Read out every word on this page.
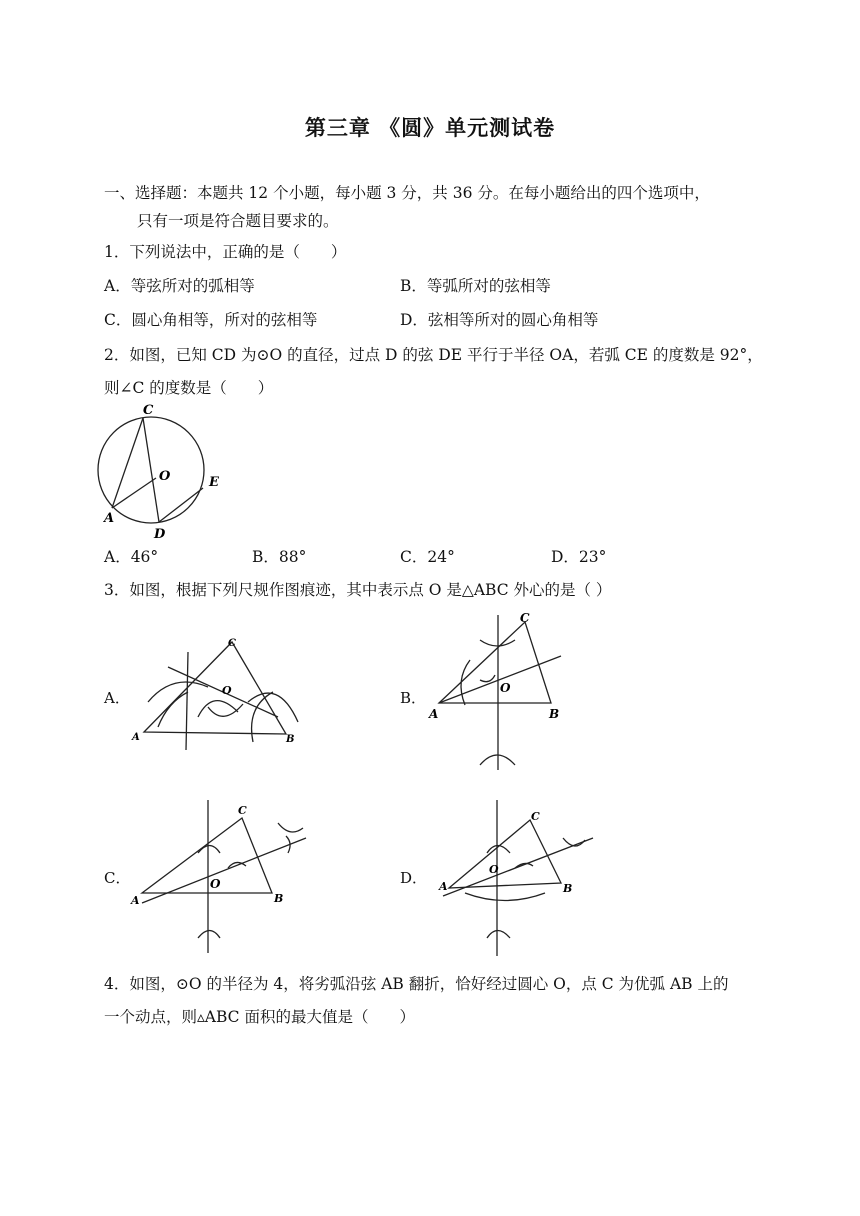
第三章 《圆》单元测试卷
一、选择题：本题共 12 个小题，每小题 3 分，共 36 分。在每小题给出的四个选项中，
只有一项是符合题目要求的。
1．下列说法中，正确的是（　　）
A．等弦所对的弧相等	B．等弧所对的弦相等
C．圆心角相等，所对的弦相等	D．弦相等所对的圆心角相等
2．如图，已知 CD 为⊙O 的直径，过点 D 的弦 DE 平行于半径 OA，若弧 CE 的度数是 92°，
则∠C 的度数是（　　）
C
O	E
A
D
A．46°	B．88°	C．24°	D．23°
3．如图，根据下列尺规作图痕迹，其中表示点 O 是△ABC 外心的是（ ）
A．	O
C
A	B
B．
O
C
A	B
C．	O
C
A	B
D．	O
C
A	B
4．如图，⊙O 的半径为 4，将劣弧沿弦 AB 翻折，恰好经过圆心 O，点 C 为优弧 AB 上的
一个动点，则▵ABC 面积的最大值是（　　）
